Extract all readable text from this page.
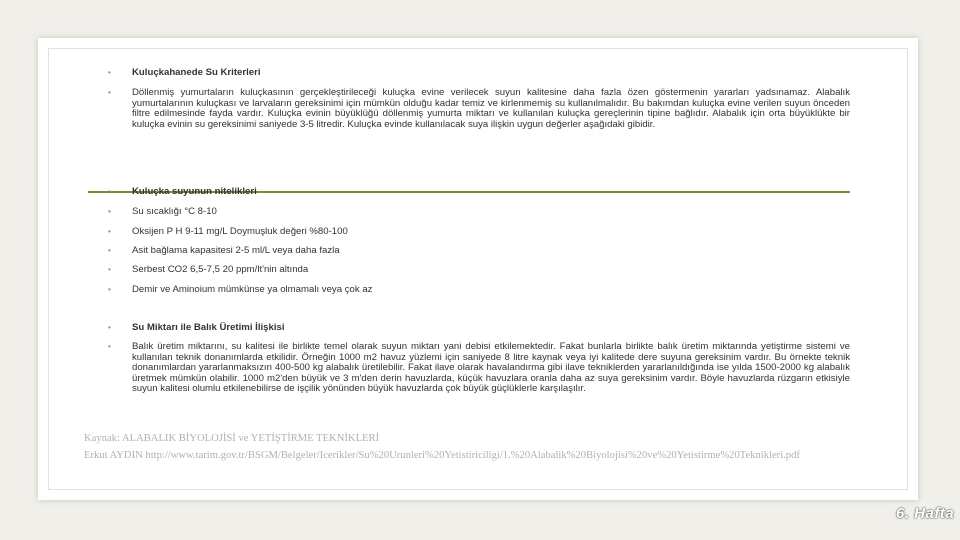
• Kuluçkahanede Su Kriterleri
• Döllenmiş yumurtaların kuluçkasının gerçekleştirileceği kuluçka evine verilecek suyun kalitesine daha fazla özen göstermenin yararları yadsınamaz. Alabalık yumurtalarının kuluçkası ve larvaların gereksinimi için mümkün olduğu kadar temiz ve kirlenmemiş su kullanılmalıdır. Bu bakımdan kuluçka evine verilen suyun önceden filtre edilmesinde fayda vardır. Kuluçka evinin büyüklüğü döllenmiş yumurta miktarı ve kullanılan kuluçka gereçlerinin tipine bağlıdır. Alabalık için orta büyüklükte bir kuluçka evinin su gereksinimi saniyede 3-5 litredir. Kuluçka evinde kullanılacak suya ilişkin uygun değerler aşağıdaki gibidir.
• Kuluçka suyunun nitelikleri
• Su sıcaklığı °C 8-10
• Oksijen P H 9-11 mg/L Doymuşluk değeri %80-100
• Asit bağlama kapasitesi 2-5 ml/L veya daha fazla
• Serbest CO2 6,5-7,5 20 ppm/lt'nin altında
• Demir ve Aminoium mümkünse ya olmamalı veya çok az
• Su Miktarı ile Balık Üretimi İlişkisi
• Balık üretim miktarını, su kalitesi ile birlikte temel olarak suyun miktarı yani debisi etkilemektedir. Fakat bunlarla birlikte balık üretim miktarında yetiştirme sistemi ve kullanılan teknik donanımlarda etkilidir. Örneğin 1000 m2 havuz yüzlemi için saniyede 8 litre kaynak veya iyi kalitede dere suyuna gereksinim vardır. Bu örnekte teknik donanımlardan yararlanmaksızın 400-500 kg alabalık üretilebilir. Fakat ilave olarak havalandırma gibi ilave tekniklerden yararlanıldığında ise yılda 1500-2000 kg alabalık üretmek mümkün olabilir. 1000 m2'den büyük ve 3 m'den derin havuzlarda, küçük havuzlara oranla daha az suya gereksinim vardır. Böyle havuzlarda rüzgarın etkisiyle suyun kalitesi olumlu etkilenebilirse de işçilik yönünden büyük havuzlarda çok büyük güçlüklerle karşılaşılır.
Kaynak: ALABALIK BİYOLOJİSİ ve YETİŞTİRME TEKNİKLERİ
Erkut AYDIN http://www.tarim.gov.tr/BSGM/Belgeler/Icerikler/Su%20Urunleri%20Yetistiriciligi/1.%20Alabalik%20Biyolojisi%20ve%20Yetistirme%20Teknikleri.pdf
6. Hafta
